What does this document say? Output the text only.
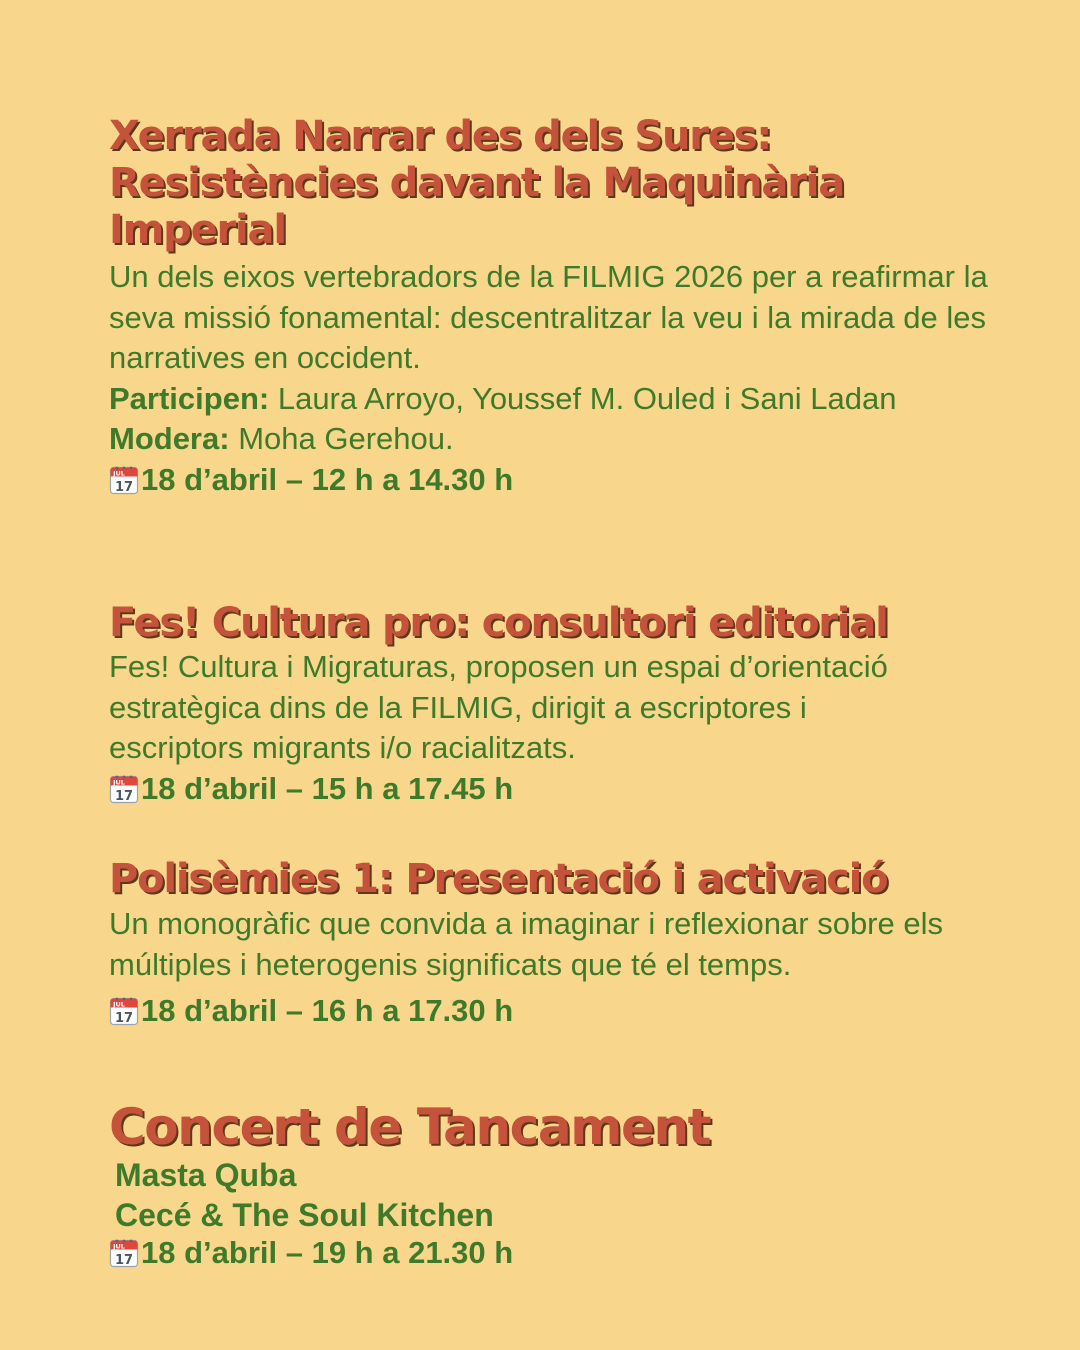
Xerrada Narrar des dels Sures:
Resistències davant la Maquinària
Imperial

Un dels eixos vertebradors de la FILMIG 2026 per a reafirmar la seva missió fonamental: descentralitzar la veu i la mirada de les narratives en occident.

Participen: Laura Arroyo, Youssef M. Ouled i Sani Ladan

Modera: Moha Gerehou.

JUL
17 18 d’abril – 12 h a 14.30 h

Fes! Cultura pro: consultori editorial

Fes! Cultura i Migraturas, proposen un espai d’orientació estratègica dins de la FILMIG, dirigit a escriptores i escriptors migrants i/o racialitzats.

JUL
17 18 d’abril – 15 h a 17.45 h

Polisèmies 1: Presentació i activació

Un monogràfic que convida a imaginar i reflexionar sobre els múltiples i heterogenis significats que té el temps.

JUL
17 18 d’abril – 16 h a 17.30 h

Concert de Tancament

Masta Quba

Cecé & The Soul Kitchen

JUL
17 18 d’abril – 19 h a 21.30 h
